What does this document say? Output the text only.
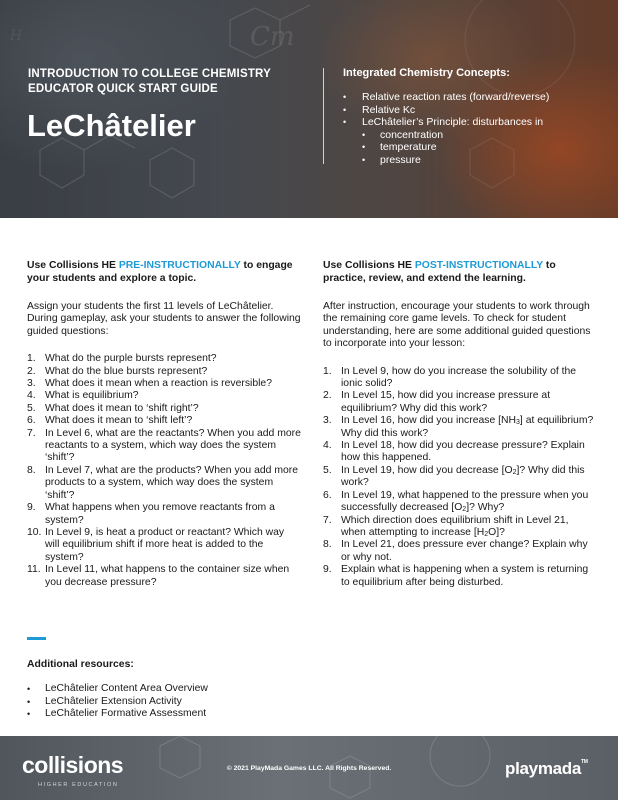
Cm
H
INTRODUCTION TO COLLEGE CHEMISTRY
EDUCATOR QUICK START GUIDE
LeChâtelier
Integrated Chemistry Concepts:
• Relative reaction rates (forward/reverse)
• Relative Kc
• LeChâtelier’s Principle: disturbances in
• concentration
• temperature
• pressure
Use Collisions HE PRE-INSTRUCTIONALLY to engage your students and explore a topic.

Assign your students the first 11 levels of LeChâtelier. During gameplay, ask your students to answer the following guided questions:

1. What do the purple bursts represent?
2. What do the blue bursts represent?
3. What does it mean when a reaction is reversible?
4. What is equilibrium?
5. What does it mean to ‘shift right’?
6. What does it mean to ‘shift left’?
7. In Level 6, what are the reactants? When you add more reactants to a system, which way does the system ‘shift’?
8. In Level 7, what are the products? When you add more products to a system, which way does the system ‘shift’?
9. What happens when you remove reactants from a system?
10. In Level 9, is heat a product or reactant? Which way will equilibrium shift if more heat is added to the system?
11. In Level 11, what happens to the container size when you decrease pressure?
Use Collisions HE POST-INSTRUCTIONALLY to practice, review, and extend the learning.

After instruction, encourage your students to work through the remaining core game levels. To check for student understanding, here are some additional guided questions to incorporate into your lesson:

1. In Level 9, how do you increase the solubility of the ionic solid?
2. In Level 15, how did you increase pressure at equilibrium? Why did this work?
3. In Level 16, how did you increase $[NH_3]$ at equilibrium? Why did this work?
4. In Level 18, how did you decrease pressure? Explain how this happened.
5. In Level 19, how did you decrease $[O_2]$? Why did this work?
6. In Level 19, what happened to the pressure when you successfully decreased $[O_2]$? Why?
7. Which direction does equilibrium shift in Level 21, when attempting to increase $[H_2O]$?
8. In Level 21, does pressure ever change? Explain why or why not.
9. Explain what is happening when a system is returning to equilibrium after being disturbed.
Additional resources:
• LeChâtelier Content Area Overview
• LeChâtelier Extension Activity
• LeChâtelier Formative Assessment
collisions
HIGHER EDUCATION
© 2021 PlayMada Games LLC. All Rights Reserved.	playmada™
